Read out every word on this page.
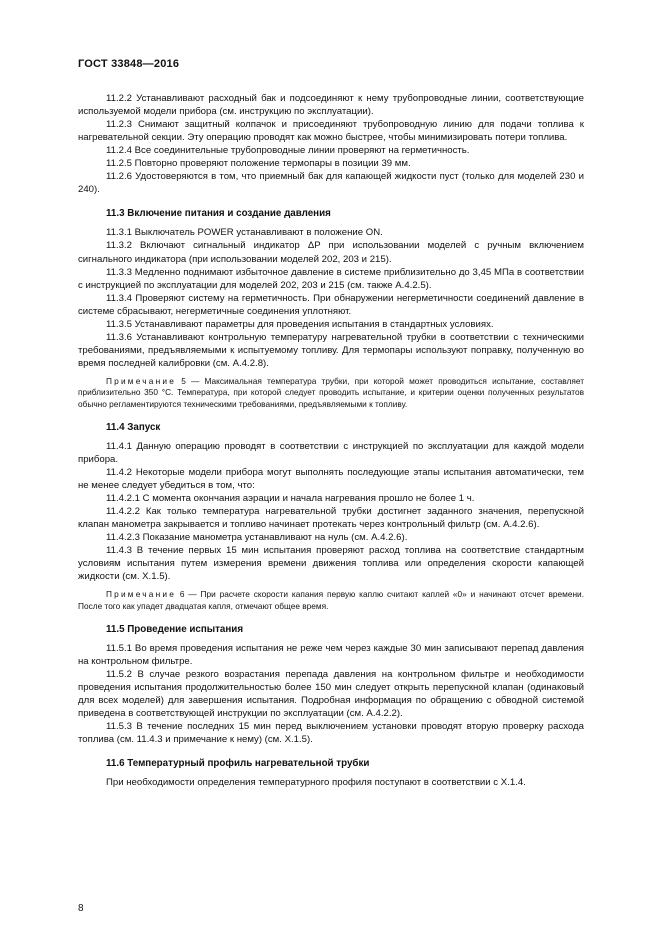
ГОСТ 33848—2016
11.2.2 Устанавливают расходный бак и подсоединяют к нему трубопроводные линии, соответствующие используемой модели прибора (см. инструкцию по эксплуатации).
11.2.3 Снимают защитный колпачок и присоединяют трубопроводную линию для подачи топлива к нагревательной секции. Эту операцию проводят как можно быстрее, чтобы минимизировать потери топлива.
11.2.4 Все соединительные трубопроводные линии проверяют на герметичность.
11.2.5 Повторно проверяют положение термопары в позиции 39 мм.
11.2.6 Удостоверяются в том, что приемный бак для капающей жидкости пуст (только для моделей 230 и 240).
11.3 Включение питания и создание давления
11.3.1 Выключатель POWER устанавливают в положение ON.
11.3.2 Включают сигнальный индикатор ΔP при использовании моделей с ручным включением сигнального индикатора (при использовании моделей 202, 203 и 215).
11.3.3 Медленно поднимают избыточное давление в системе приблизительно до 3,45 МПа в соответствии с инструкцией по эксплуатации для моделей 202, 203 и 215 (см. также А.4.2.5).
11.3.4 Проверяют систему на герметичность. При обнаружении негерметичности соединений давление в системе сбрасывают, негерметичные соединения уплотняют.
11.3.5 Устанавливают параметры для проведения испытания в стандартных условиях.
11.3.6 Устанавливают контрольную температуру нагревательной трубки в соответствии с техническими требованиями, предъявляемыми к испытуемому топливу. Для термопары используют поправку, полученную во время последней калибровки (см. А.4.2.8).
Примечание 5 — Максимальная температура трубки, при которой может проводиться испытание, составляет приблизительно 350 °С. Температура, при которой следует проводить испытание, и критерии оценки полученных результатов обычно регламентируются техническими требованиями, предъявляемыми к топливу.
11.4 Запуск
11.4.1 Данную операцию проводят в соответствии с инструкцией по эксплуатации для каждой модели прибора.
11.4.2 Некоторые модели прибора могут выполнять последующие этапы испытания автоматически, тем не менее следует убедиться в том, что:
11.4.2.1 С момента окончания аэрации и начала нагревания прошло не более 1 ч.
11.4.2.2 Как только температура нагревательной трубки достигнет заданного значения, перепускной клапан манометра закрывается и топливо начинает протекать через контрольный фильтр (см. А.4.2.6).
11.4.2.3 Показание манометра устанавливают на нуль (см. А.4.2.6).
11.4.3 В течение первых 15 мин испытания проверяют расход топлива на соответствие стандартным условиям испытания путем измерения времени движения топлива или определения скорости капающей жидкости (см. Х.1.5).
Примечание 6 — При расчете скорости капания первую каплю считают каплей «0» и начинают отсчет времени. После того как упадет двадцатая капля, отмечают общее время.
11.5 Проведение испытания
11.5.1 Во время проведения испытания не реже чем через каждые 30 мин записывают перепад давления на контрольном фильтре.
11.5.2 В случае резкого возрастания перепада давления на контрольном фильтре и необходимости проведения испытания продолжительностью более 150 мин следует открыть перепускной клапан (одинаковый для всех моделей) для завершения испытания. Подробная информация по обращению с обводной системой приведена в соответствующей инструкции по эксплуатации (см. А.4.2.2).
11.5.3 В течение последних 15 мин перед выключением установки проводят вторую проверку расхода топлива (см. 11.4.3 и примечание к нему) (см. Х.1.5).
11.6 Температурный профиль нагревательной трубки
При необходимости определения температурного профиля поступают в соответствии с Х.1.4.
8
